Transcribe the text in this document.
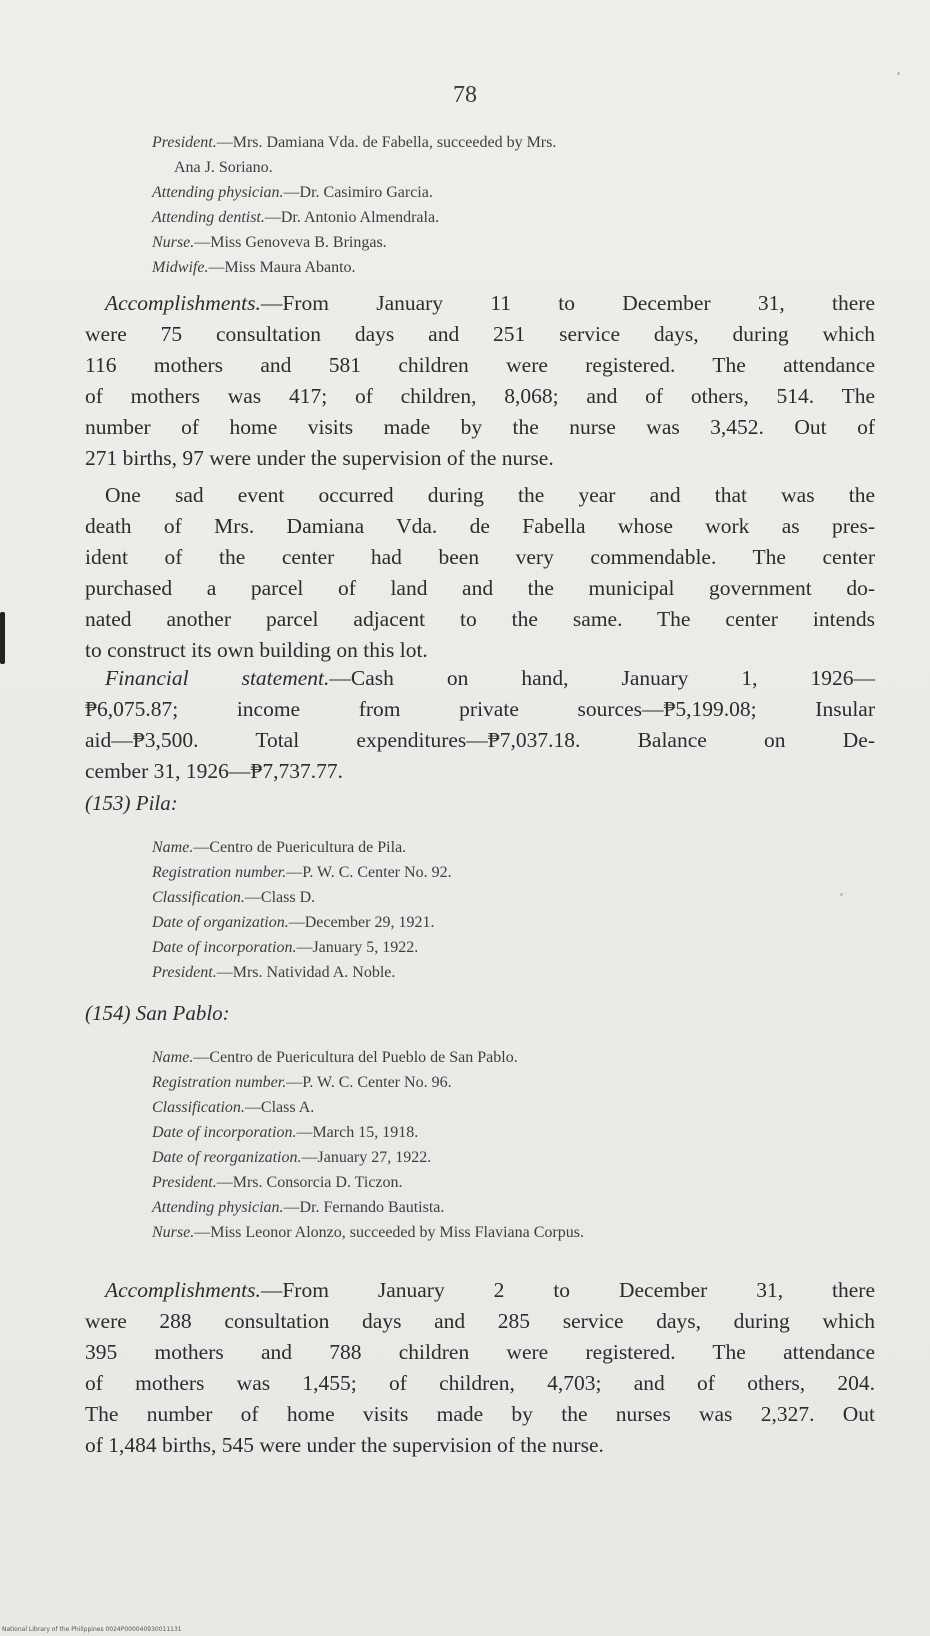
78
President.—Mrs. Damiana Vda. de Fabella, succeeded by Mrs.
Ana J. Soriano.
Attending physician.—Dr. Casimiro Garcia.
Attending dentist.—Dr. Antonio Almendrala.
Nurse.—Miss Genoveva B. Bringas.
Midwife.—Miss Maura Abanto.
Accomplishments.—From January 11 to December 31, there
were 75 consultation days and 251 service days, during which
116 mothers and 581 children were registered. The attendance
of mothers was 417; of children, 8,068; and of others, 514. The
number of home visits made by the nurse was 3,452. Out of
271 births, 97 were under the supervision of the nurse.
One sad event occurred during the year and that was the
death of Mrs. Damiana Vda. de Fabella whose work as pres-
ident of the center had been very commendable. The center
purchased a parcel of land and the municipal government do-
nated another parcel adjacent to the same. The center intends
to construct its own building on this lot.
Financial statement.—Cash on hand, January 1, 1926—
₱6,075.87; income from private sources—₱5,199.08; Insular
aid—₱3,500. Total expenditures—₱7,037.18. Balance on De-
cember 31, 1926—₱7,737.77.
(153) Pila:
Name.—Centro de Puericultura de Pila.
Registration number.—P. W. C. Center No. 92.
Classification.—Class D.
Date of organization.—December 29, 1921.
Date of incorporation.—January 5, 1922.
President.—Mrs. Natividad A. Noble.
(154) San Pablo:
Name.—Centro de Puericultura del Pueblo de San Pablo.
Registration number.—P. W. C. Center No. 96.
Classification.—Class A.
Date of incorporation.—March 15, 1918.
Date of reorganization.—January 27, 1922.
President.—Mrs. Consorcia D. Ticzon.
Attending physician.—Dr. Fernando Bautista.
Nurse.—Miss Leonor Alonzo, succeeded by Miss Flaviana Corpus.
Accomplishments.—From January 2 to December 31, there
were 288 consultation days and 285 service days, during which
395 mothers and 788 children were registered. The attendance
of mothers was 1,455; of children, 4,703; and of others, 204.
The number of home visits made by the nurses was 2,327. Out
of 1,484 births, 545 were under the supervision of the nurse.
National Library of the Philippines 0024P000040930011131
